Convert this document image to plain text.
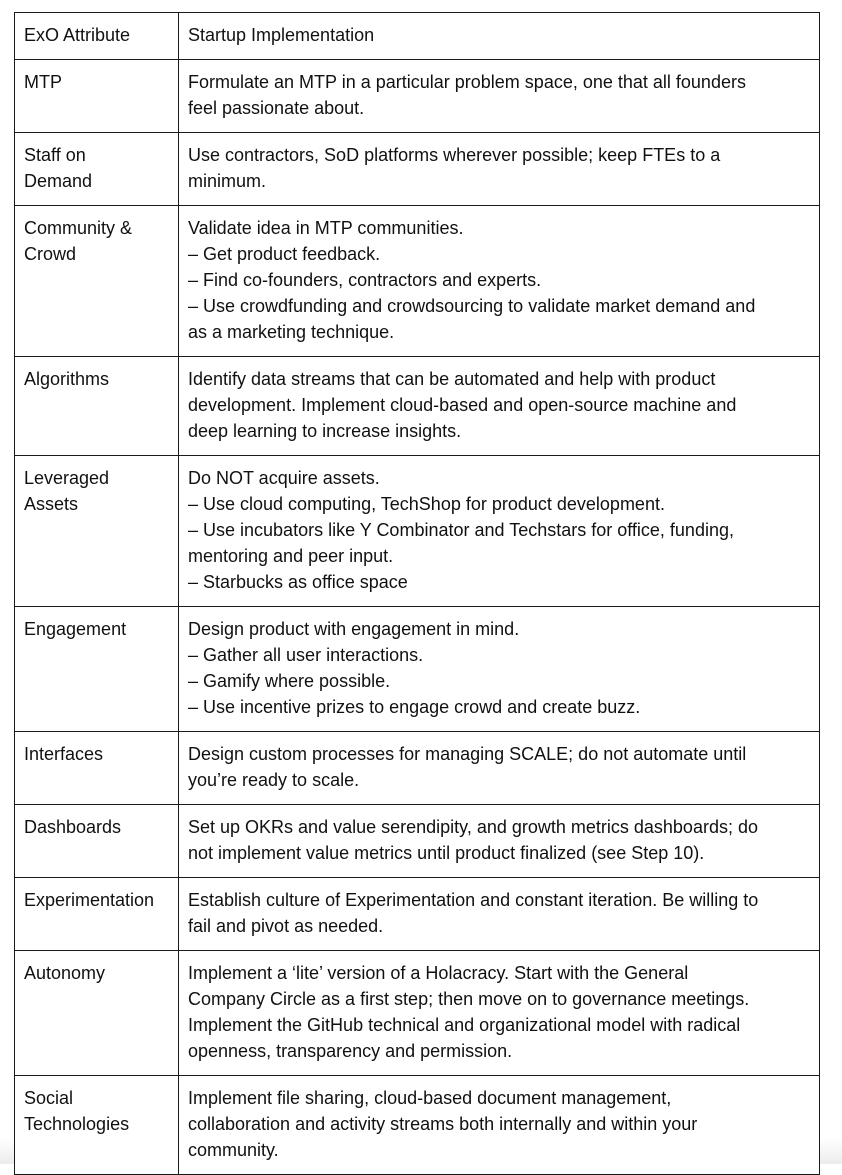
ExO Attribute	Startup Implementation

MTP	Formulate an MTP in a particular problem space, one that all founders
feel passionate about.

Staff on
Demand	Use contractors, SoD platforms wherever possible; keep FTEs to a
minimum.

Community &
Crowd	Validate idea in MTP communities.
– Get product feedback.
– Find co-founders, contractors and experts.
– Use crowdfunding and crowdsourcing to validate market demand and
as a marketing technique.

Algorithms	Identify data streams that can be automated and help with product
development. Implement cloud-based and open-source machine and
deep learning to increase insights.

Leveraged
Assets	Do NOT acquire assets.
– Use cloud computing, TechShop for product development.
– Use incubators like Y Combinator and Techstars for office, funding,
mentoring and peer input.
– Starbucks as office space

Engagement	Design product with engagement in mind.
– Gather all user interactions.
– Gamify where possible.
– Use incentive prizes to engage crowd and create buzz.

Interfaces	Design custom processes for managing SCALE; do not automate until
you’re ready to scale.

Dashboards	Set up OKRs and value serendipity, and growth metrics dashboards; do
not implement value metrics until product finalized (see Step 10).

Experimentation	Establish culture of Experimentation and constant iteration. Be willing to
fail and pivot as needed.

Autonomy	Implement a ‘lite’ version of a Holacracy. Start with the General
Company Circle as a first step; then move on to governance meetings.
Implement the GitHub technical and organizational model with radical
openness, transparency and permission.

Social
Technologies	Implement file sharing, cloud-based document management,
collaboration and activity streams both internally and within your
community.
